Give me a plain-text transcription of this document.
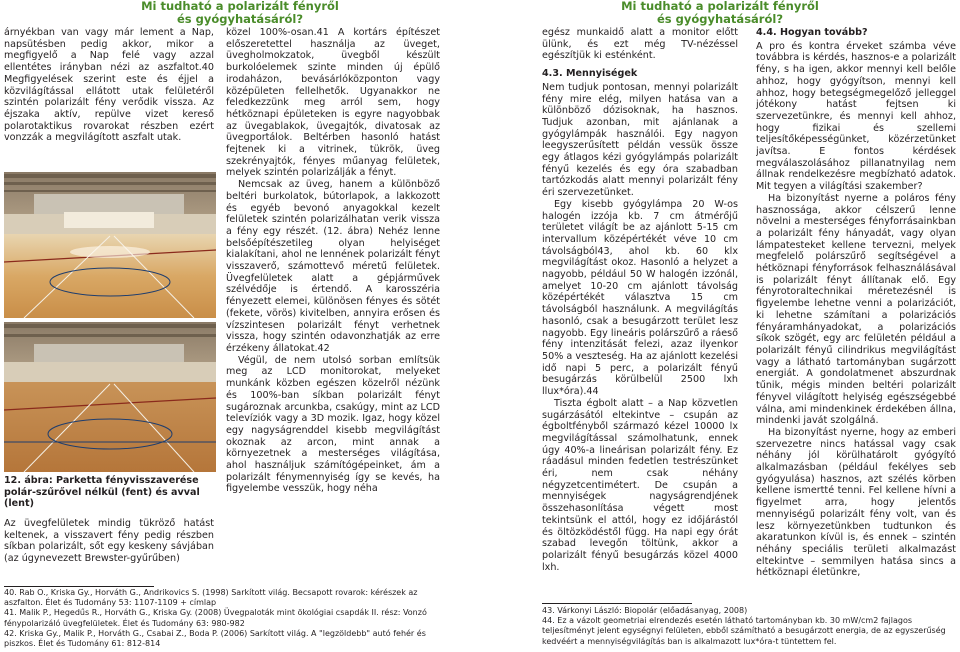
Mi tudható a polarizált fényről
és gyógyhatásáról?
Mi tudható a polarizált fényről
és gyógyhatásáról?

árnyékban van vagy már lement a Nap, napsütésben pedig akkor, mikor a megfigyelő a Nap felé vagy azzal ellentétes irányban nézi az aszfaltot.40 Megfigyelések szerint este és éjjel a közvilágítással ellátott utak felületéről szintén polarizált fény verődik vissza. Az éjszaka aktív, repülve vizet kereső polarotaktikus rovarokat részben ezért vonzzák a megvilágított aszfalt utak.

12. ábra: Parketta fényvisszaverése polár-szűrővel nélkül (fent) és avval (lent)

Az üvegfelületek mindig tükröző hatást keltenek, a visszavert fény pedig részben síkban polarizált, sőt egy keskeny sávjában (az úgynevezett Brewster-gyűrűben)

közel 100%-osan.41 A kortárs építészet előszeretettel használja az üveget, üvegholmokzatok, üvegből készült burkolóelemek szinte minden új épülő irodaházon, bevásárlóközponton vagy középületen fellelhetők. Ugyanakkor ne feledkezzünk meg arról sem, hogy hétköznapi épületeken is egyre nagyobbak az üvegablakok, üvegajtók, divatosak az üvegportálok. Beltérben hasonló hatást fejtenek ki a vitrinek, tükrök, üveg szekrényajtók, fényes műanyag felületek, melyek szintén polarizálják a fényt.

Nemcsak az üveg, hanem a különböző beltéri burkolatok, bútorlapok, a lakkozott és egyéb bevonó anyagokkal kezelt felületek szintén polarizálhatan verik vissza a fény egy részét. (12. ábra) Nehéz lenne belsőépítészetileg olyan helyiséget kialakítani, ahol ne lennének polarizált fényt visszaverő, számottevő méretű felületek. Üvegfelületek alatt a gépjárművek szélvédője is értendő. A karosszéria fényezett elemei, különösen fényes és sötét (fekete, vörös) kivitelben, annyira erősen és vízszintesen polarizált fényt verhetnek vissza, hogy szintén odavonzhatják az erre érzékeny állatokat.42

Végül, de nem utolsó sorban említsük meg az LCD monitorokat, melyeket munkánk közben egészen közelről nézünk és 100%-ban síkban polarizált fényt sugároznak arcunkba, csakúgy, mint az LCD televíziók vagy a 3D mozik. Igaz, hogy közel egy nagyságrenddel kisebb megvilágítást okoznak az arcon, mint annak a környezetnek a mesterséges világítása, ahol használjuk számítógépeinket, ám a polarizált fénymennyiség így se kevés, ha figyelembe vesszük, hogy néha

egész munkaidő alatt a monitor előtt ülünk, és ezt még TV-nézéssel egészítjük ki esténként.

4.3. Mennyiségek

Nem tudjuk pontosan, mennyi polarizált fény mire elég, milyen hatása van a különböző dózisoknak, ha hasznos. Tudjuk azonban, mit ajánlanak a gyógylámpák használói. Egy nagyon leegyszerűsített példán vessük össze egy átlagos kézi gyógylámpás polarizált fényű kezelés és egy óra szabadban tartózkodás alatt mennyi polarizált fény éri szervezetünket.

Egy kisebb gyógylámpa 20 W-os halogén izzója kb. 7 cm átmérőjű területet világít be az ajánlott 5-15 cm intervallum középértékét véve 10 cm távolságból43, ahol kb. 60 klx megvilágítást okoz. Hasonló a helyzet a nagyobb, például 50 W halogén izzónál, amelyet 10-20 cm ajánlott távolság középértékét választva 15 cm távolságból használunk. A megvilágítás hasonló, csak a besugárzott terület lesz nagyobb. Egy lineáris polárszűrő a ráeső fény intenzitását felezi, azaz ilyenkor 50% a veszteség. Ha az ajánlott kezelési idő napi 5 perc, a polarizált fényű besugárzás körülbelül 2500 lxh llux*óra).44

Tiszta égbolt alatt – a Nap közvetlen sugárzásától eltekintve – csupán az égboltfényből származó kézel 10000 lx megvilágítással számolhatunk, ennek úgy 40%-a lineárisan polarizált fény. Ez ráadásul minden fedetlen testrészünket éri, nem csak néhány négyzetcentimétert. De csupán a mennyiségek nagyságrendjének összehasonlítása végett most tekintsünk el attól, hogy ez időjárástól és öltözködéstől függ. Ha napi egy órát szabad levegőn töltünk, akkor a polarizált fényű besugárzás közel 4000 lxh.

4.4. Hogyan tovább?

A pro és kontra érveket számba véve továbbra is kérdés, hasznos-e a polarizált fény, s ha igen, akkor mennyi kell belőle ahhoz, hogy gyógyítson, mennyi kell ahhoz, hogy betegségmegelőző jelleggel jótékony hatást fejtsen ki szervezetünkre, és mennyi kell ahhoz, hogy fizikai és szellemi teljesítőképességünket, közérzetünket javítsa. E fontos kérdések megválaszolásához pillanatnyilag nem állnak rendelkezésre megbízható adatok. Mit tegyen a világítási szakember?

Ha bizonyítást nyerne a poláros fény hasznossága, akkor célszerű lenne növelni a mesterséges fényforrásainkban a polarizált fény hányadát, vagy olyan lámpatesteket kellene tervezni, melyek megfelelő polárszűrő segítségével a hétköznapi fényforrások felhasználásával is polarizált fényt állítanak elő. Egy fényrotoraltechnikai méretezésnél is figyelembe lehetne venni a polarizációt, ki lehetne számítani a polarizációs fényáramhányadokat, a polarizációs síkok szögét, egy arc felületén például a polarizált fényű cilindrikus megvilágítást vagy a látható tartományban sugárzott energiát. A gondolatmenet abszurdnak tűnik, mégis minden beltéri polarizált fényvel világított helyiség egészségebbé válna, ami mindenkinek érdekében állna, mindenki javát szolgálná.

Ha bizonyítást nyerne, hogy az emberi szervezetre nincs hatással vagy csak néhány jól körülhatárolt gyógyító alkalmazásban (például fekélyes seb gyógyulása) hasznos, azt szélés körben kellene ismertté tenni. Fel kellene hívni a figyelmet arra, hogy jelentős mennyiségű polarizált fény volt, van és lesz környezetünkben tudtunkon és akaratunkon kívül is, és ennek – szintén néhány speciális területi alkalmazást eltekintve – semmilyen hatása sincs a hétköznapi életünkre,

40. Rab O., Kriska Gy., Horváth G., Andrikovics S. (1998) Sarkított világ. Becsapott rovarok: kérészek az aszfalton. Élet és Tudomány 53: 1107-1109 + címlap
41. Malik P., Hegedűs R., Horváth G., Kriska Gy. (2008) Üvegpaloták mint ökológiai csapdák II. rész: Vonzó fénypolarizáló üvegfelületek. Élet és Tudomány 63: 980-982
42. Kriska Gy., Malik P., Horváth G., Csabai Z., Boda P. (2006) Sarkított világ. A "legzöldebb" autó fehér és piszkos. Élet és Tudomány 61: 812-814
43. Várkonyi László: Biopolár (előadásanyag, 2008)
44. Ez a vázolt geometriai elrendezés esetén látható tartományban kb. 30 mW/cm2 fajlagos teljesítményt jelent egységnyi felületen, ebből számítható a besugárzott energia, de az egyszerűség kedvéért a mennyiségvilágítás ban is alkalmazott lux*óra-t tüntettem fel.
